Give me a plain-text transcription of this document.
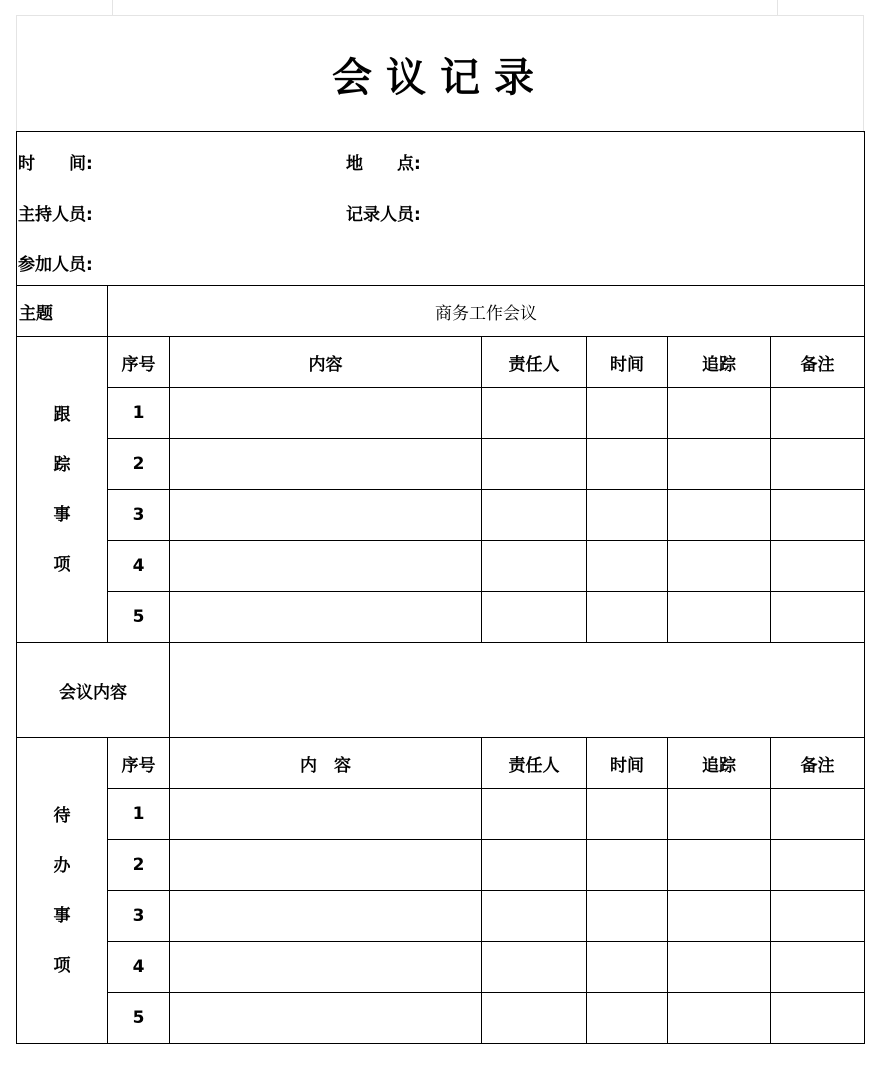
会议记录
时　　间: 地　　点:
主持人员: 记录人员:
参加人员:						

主题	商务工作会议					

跟
踪
事
项	序号	内容	责任人	时间	追踪	备注
	1					
	2					
	3					
	4					
	5					
会议内容						

待
办
事
项	序号	内　容	责任人	时间	追踪	备注
	1					
	2					
	3					
	4					
	5					
